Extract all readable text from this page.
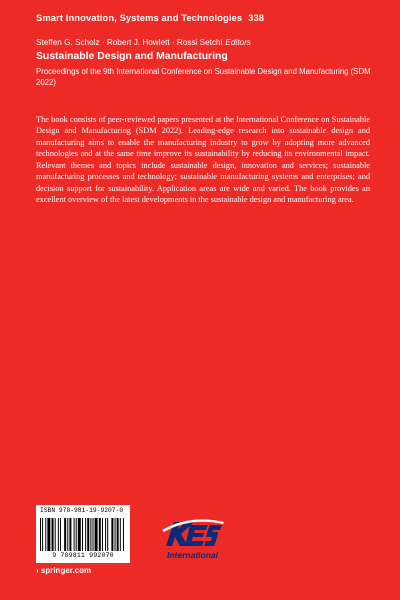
Smart Innovation, Systems and Technologies 338
Steffen G. Scholz · Robert J. Howlett · Rossi Setchi Editors
Sustainable Design and Manufacturing
Proceedings of the 9th International Conference on Sustainable Design and Manufacturing (SDM 2022)
The book consists of peer-reviewed papers presented at the International Conference on Sustainable Design and Manufacturing (SDM 2022). Leading-edge research into sustainable design and manufacturing aims to enable the manufacturing industry to grow by adopting more advanced technologies and at the same time improve its sustainability by reducing its environmental impact. Relevant themes and topics include sustainable design, innovation and services; sustainable manufacturing processes and technology; sustainable manufacturing systems and enterprises; and decision support for sustainability. Application areas are wide and varied. The book provides an excellent overview of the latest developments in the sustainable design and manufacturing area.
ISBN 978-981-19-9207-0
9 789811 992070
› springer.com
International
